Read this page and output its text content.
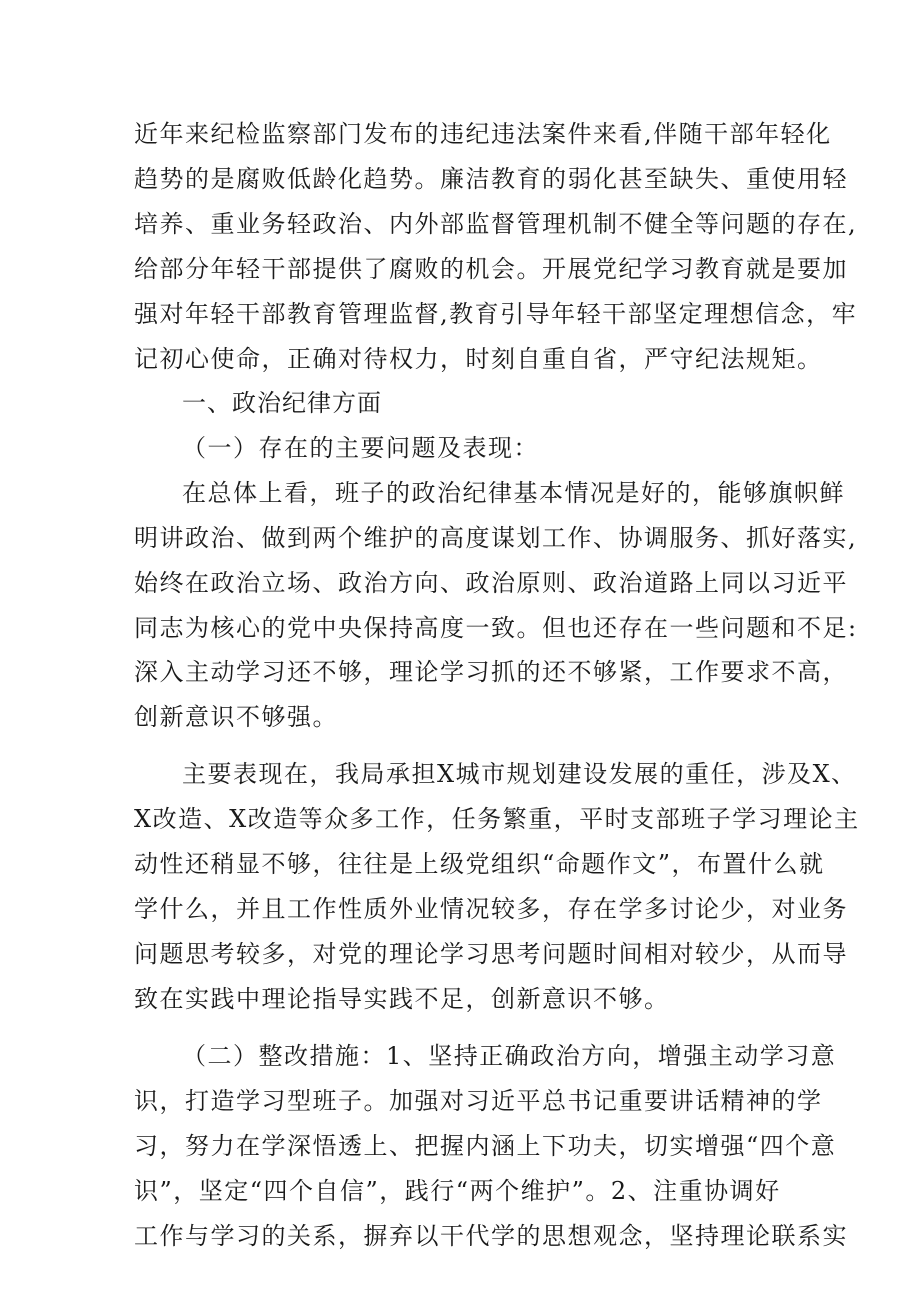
近年来纪检监察部门发布的违纪违法案件来看,伴随干部年轻化
趋势的是腐败低龄化趋势。廉洁教育的弱化甚至缺失、重使用轻
培养、重业务轻政治、内外部监督管理机制不健全等问题的存在,
给部分年轻干部提供了腐败的机会。开展党纪学习教育就是要加
强对年轻干部教育管理监督,教育引导年轻干部坚定理想信念，牢
记初心使命，正确对待权力，时刻自重自省，严守纪法规矩。
一、政治纪律方面
（一）存在的主要问题及表现：
在总体上看，班子的政治纪律基本情况是好的，能够旗帜鲜
明讲政治、做到两个维护的高度谋划工作、协调服务、抓好落实,
始终在政治立场、政治方向、政治原则、政治道路上同以习近平
同志为核心的党中央保持高度一致。但也还存在一些问题和不足:
深入主动学习还不够，理论学习抓的还不够紧，工作要求不高，
创新意识不够强。
主要表现在，我局承担X城市规划建设发展的重任，涉及X、
X改造、X改造等众多工作，任务繁重，平时支部班子学习理论主
动性还稍显不够，往往是上级党组织“命题作文”，布置什么就
学什么，并且工作性质外业情况较多，存在学多讨论少，对业务
问题思考较多，对党的理论学习思考问题时间相对较少，从而导
致在实践中理论指导实践不足，创新意识不够。
（二）整改措施：1、坚持正确政治方向，增强主动学习意
识，打造学习型班子。加强对习近平总书记重要讲话精神的学
习，努力在学深悟透上、把握内涵上下功夫，切实增强“四个意
识”，坚定“四个自信”，践行“两个维护”。2、注重协调好
工作与学习的关系，摒弃以干代学的思想观念，坚持理论联系实
